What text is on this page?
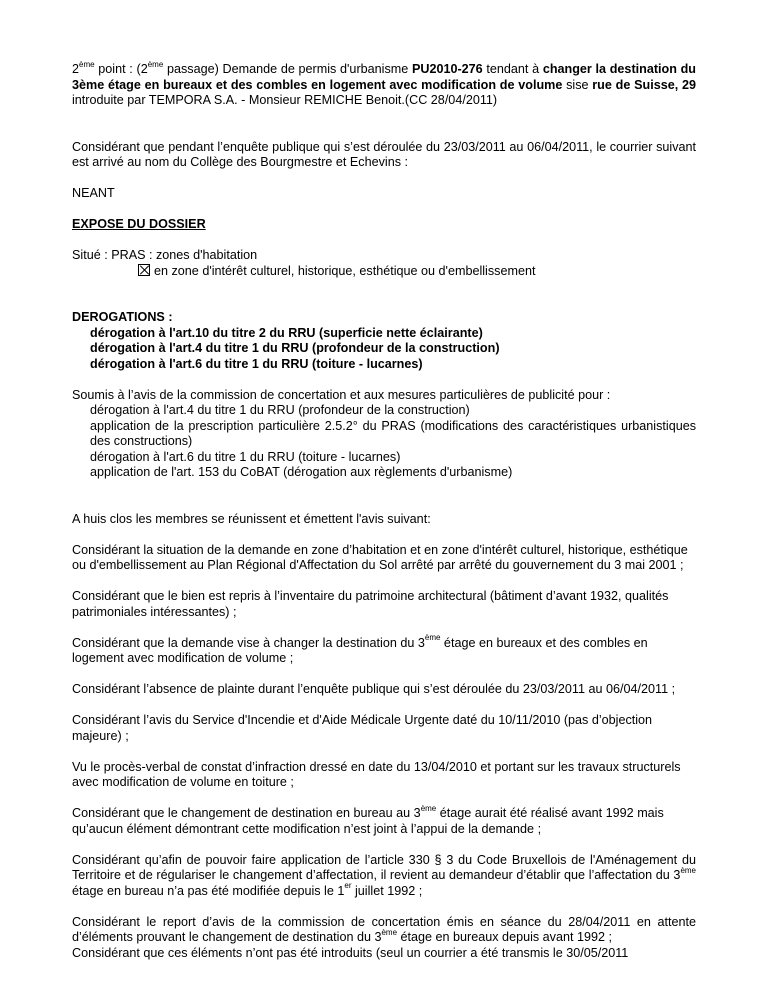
2ème point : (2ème passage) Demande de permis d'urbanisme PU2010-276 tendant à changer la destination du 3ème étage en bureaux et des combles en logement avec modification de volume sise rue de Suisse, 29 introduite par TEMPORA S.A. - Monsieur REMICHE Benoit.(CC 28/04/2011)

Considérant que pendant l’enquête publique qui s’est déroulée du 23/03/2011 au 06/04/2011, le courrier suivant est arrivé au nom du Collège des Bourgmestre et Echevins :

NEANT

EXPOSE DU DOSSIER

Situé : PRAS : zones d'habitation

en zone d'intérêt culturel, historique, esthétique ou d'embellissement

DEROGATIONS :

dérogation à l'art.10 du titre 2 du RRU (superficie nette éclairante)

dérogation à l'art.4 du titre 1 du RRU (profondeur de la construction)

dérogation à l'art.6 du titre 1 du RRU (toiture - lucarnes)

Soumis à l’avis de la commission de concertation et aux mesures particulières de publicité pour :

dérogation à l'art.4 du titre 1 du RRU (profondeur de la construction)

application de la prescription particulière 2.5.2° du PRAS (modifications des caractéristiques urbanistiques des constructions)

dérogation à l'art.6 du titre 1 du RRU (toiture - lucarnes)

application de l'art. 153 du CoBAT (dérogation aux règlements d'urbanisme)

A huis clos les membres se réunissent et émettent l'avis suivant:

Considérant la situation de la demande en zone d’habitation et en zone d'intérêt culturel, historique, esthétique ou d'embellissement au Plan Régional d'Affectation du Sol arrêté par arrêté du gouvernement du 3 mai 2001 ;

Considérant que le bien est repris à l’inventaire du patrimoine architectural (bâtiment d’avant 1932, qualités patrimoniales intéressantes) ;

Considérant que la demande vise à changer la destination du 3ème étage en bureaux et des combles en logement avec modification de volume ;

Considérant l’absence de plainte durant l’enquête publique qui s’est déroulée du 23/03/2011 au 06/04/2011 ;

Considérant l’avis du Service d'Incendie et d'Aide Médicale Urgente daté du 10/11/2010 (pas d’objection majeure) ;

Vu le procès-verbal de constat d’infraction dressé en date du 13/04/2010 et portant sur les travaux structurels avec modification de volume en toiture ;

Considérant que le changement de destination en bureau au 3ème étage aurait été réalisé avant 1992 mais qu’aucun élément démontrant cette modification n’est joint à l’appui de la demande ;

Considérant qu’afin de pouvoir faire application de l’article 330 § 3 du Code Bruxellois de l'Aménagement du Territoire et de régulariser le changement d’affectation, il revient au demandeur d’établir que l’affectation du 3ème étage en bureau n’a pas été modifiée depuis le 1er juillet 1992 ;

Considérant le report d’avis de la commission de concertation émis en séance du 28/04/2011 en attente d’éléments prouvant le changement de destination du 3ème étage en bureaux depuis avant 1992 ;

Considérant que ces éléments n’ont pas été introduits (seul un courrier a été transmis le 30/05/2011
